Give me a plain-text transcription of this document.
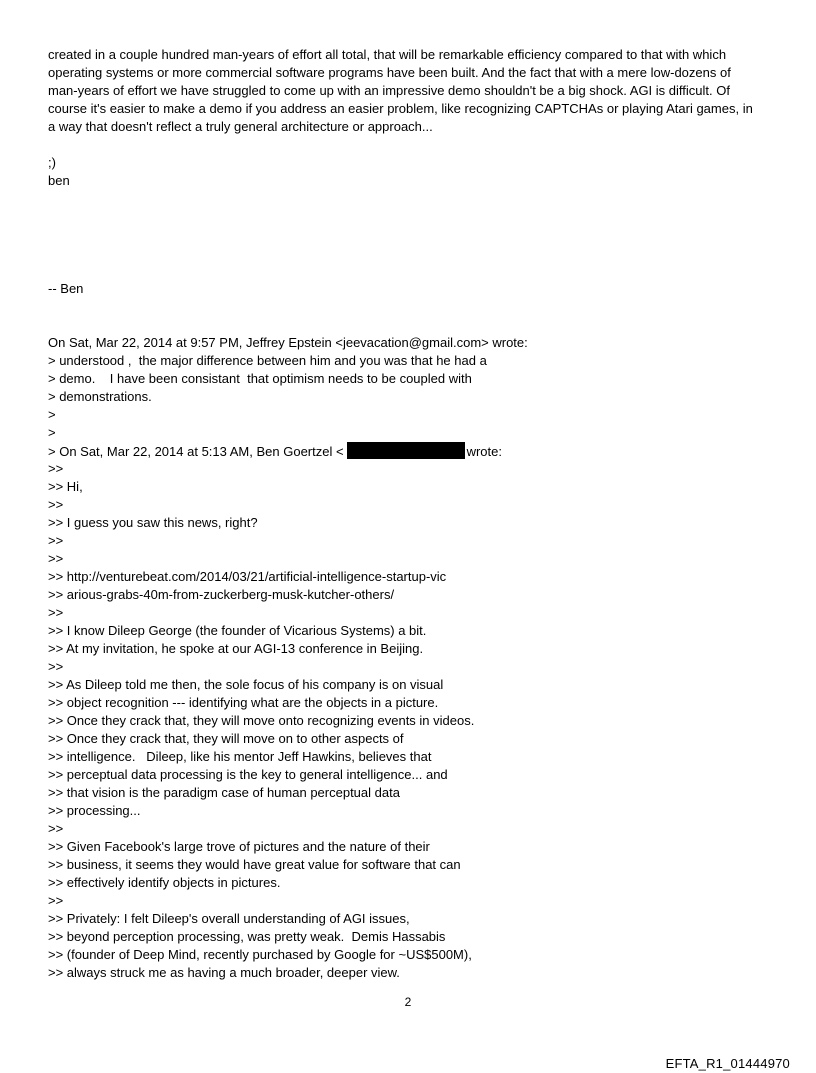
created in a couple hundred man-years of effort all total, that will be remarkable efficiency compared to that with which
operating systems or more commercial software programs have been built. And the fact that with a mere low-dozens of
man-years of effort we have struggled to come up with an impressive demo shouldn't be a big shock. AGI is difficult. Of
course it's easier to make a demo if you address an easier problem, like recognizing CAPTCHAs or playing Atari games, in
a way that doesn't reflect a truly general architecture or approach...

;)
ben
-- Ben
On Sat, Mar 22, 2014 at 9:57 PM, Jeffrey Epstein <jeevacation@gmail.com> wrote:
> understood ,  the major difference between him and you was that he had a
> demo.    I have been consistant  that optimism needs to be coupled with
> demonstrations.
>
>
> On Sat, Mar 22, 2014 at 5:13 AM, Ben Goertzel <	wrote:
>>
>> Hi,
>>
>> I guess you saw this news, right?
>>
>>
>> http://venturebeat.com/2014/03/21/artificial-intelligence-startup-vic
>> arious-grabs-40m-from-zuckerberg-musk-kutcher-others/
>>
>> I know Dileep George (the founder of Vicarious Systems) a bit.
>> At my invitation, he spoke at our AGI-13 conference in Beijing.
>>
>> As Dileep told me then, the sole focus of his company is on visual
>> object recognition --- identifying what are the objects in a picture.
>> Once they crack that, they will move onto recognizing events in videos.
>> Once they crack that, they will move on to other aspects of
>> intelligence.   Dileep, like his mentor Jeff Hawkins, believes that
>> perceptual data processing is the key to general intelligence... and
>> that vision is the paradigm case of human perceptual data
>> processing...
>>
>> Given Facebook's large trove of pictures and the nature of their
>> business, it seems they would have great value for software that can
>> effectively identify objects in pictures.
>>
>> Privately: I felt Dileep's overall understanding of AGI issues,
>> beyond perception processing, was pretty weak.  Demis Hassabis
>> (founder of Deep Mind, recently purchased by Google for ~US$500M),
>> always struck me as having a much broader, deeper view.
2
EFTA_R1_01444970
